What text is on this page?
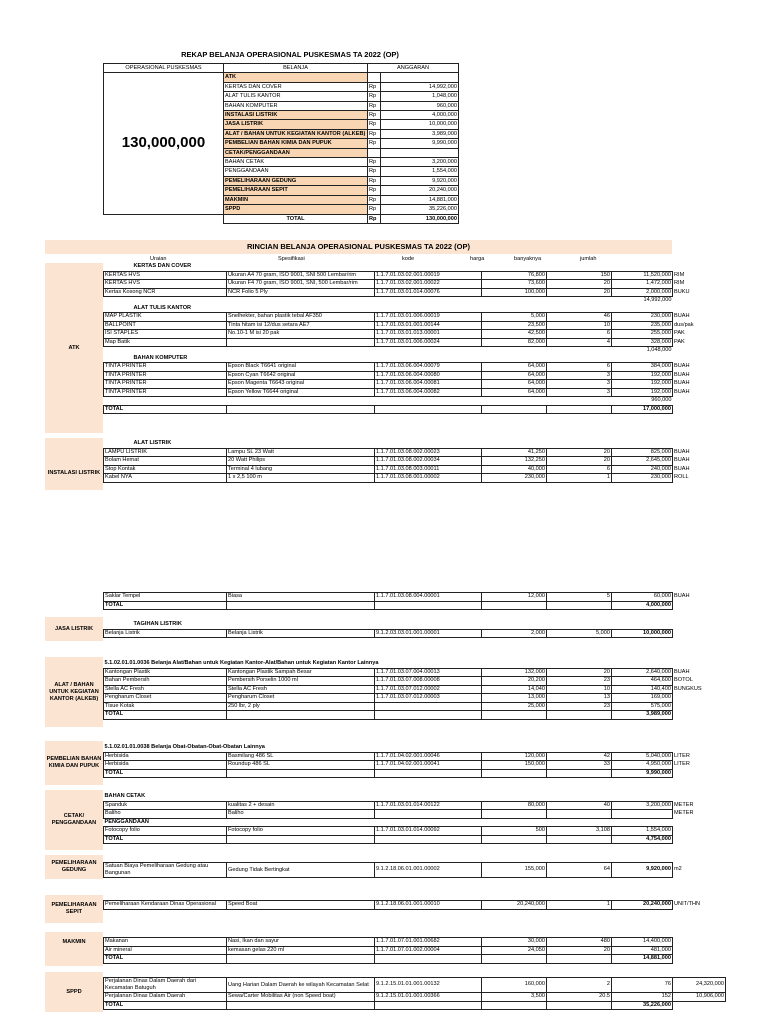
REKAP BELANJA OPERASIONAL PUSKESMAS TA 2022 (OP)
OPERASIONAL PUSKESMAS	BELANJA	ANGGARAN	
130,000,000	ATK		
	KERTAS DAN COVER	Rp	14,992,000
	ALAT TULIS KANTOR	Rp	1,048,000
	BAHAN KOMPUTER	Rp	960,000
	INSTALASI LISTRIK	Rp	4,000,000
	JASA LISTRIK	Rp	10,000,000
	ALAT / BAHAN UNTUK KEGIATAN KANTOR (ALKEB)	Rp	3,989,000
	PEMBELIAN BAHAN KIMIA DAN PUPUK	Rp	9,990,000
	CETAK/PENGGANDAAN		
	BAHAN CETAK	Rp	3,200,000
	PENGGANDAAN	Rp	1,554,000
	PEMELIHARAAN GEDUNG	Rp	9,920,000
	PEMELIHARAAN SEPIT	Rp	20,240,000
	MAKMIN	Rp	14,881,000
	SPPD	Rp	35,226,000
	TOTAL	Rp	130,000,000
RINCIAN BELANJA OPERASIONAL PUSKESMAS TA 2022 (OP)
Uraian	Spesifikasi	kode	harga	banyaknya	jumlah
ATK
INSTALASI LISTRIK
JASA LISTRIK
ALAT / BAHAN UNTUK KEGIATAN KANTOR (ALKEB)
PEMBELIAN BAHAN KIMIA DAN PUPUK
CETAK/ PENGGANDAAN
PEMELIHARAAN GEDUNG
PEMELIHARAAN SEPIT
MAKMIN
SPPD
KERTAS DAN COVER						
KERTAS HVS	Ukuran A4 70 gram, ISO 9001, SNI 500 Lembar/rim	1.1.7.01.03.02.001.00019	76,800	150	11,520,000	RIM
KERTAS HVS	Ukuran F4 70 gram, ISO 9001, SNI, 500 Lembar/rim	1.1.7.01.03.02.001.00022	73,600	20	1,472,000	RIM
Kertas Kosong NCR	NCR Folio 5 Ply	1.1.7.01.03.01.014.00076	100,000	20	2,000,000	BUKU
					14,992,000	
ALAT TULIS KANTOR						
MAP PLASTIK	Snelhekter, bahan plastik tebal AF350	1.1.7.01.03.01.006.00019	5,000	46	230,000	BUAH
BALLPOINT	Tinta hitam isi 12/dus setara AE7	1.1.7.01.03.01.001.00144	23,500	10	235,000	dus/pak
ISI STAPLES	No.10-1 M isi 20 pak	1.1.7.01.03.01.013.00001	42,500	6	255,000	PAK
Map Batik		1.1.7.01.03.01.006.00024	82,000	4	328,000	PAK
					1,048,000	
BAHAN KOMPUTER						
TINTA PRINTER	Epson Black T6641 original	1.1.7.01.03.06.004.00079	64,000	6	384,000	BUAH
TINTA PRINTER	Epson Cyan T6642 original	1.1.7.01.03.06.004.00080	64,000	3	192,000	BUAH
TINTA PRINTER	Epson Magenta T6643 original	1.1.7.01.03.06.004.00081	64,000	3	192,000	BUAH
TINTA PRINTER	Epson Yellow T6644 original	1.1.7.01.03.06.004.00082	64,000	3	192,000	BUAH
					960,000	

TOTAL					17,000,000	
ALAT LISTRIK						
LAMPU LISTRIK	Lampu SL 23 Watt	1.1.7.01.03.08.002.00023	41,250	20	825,000	BUAH
Bolam Hemat	20 Watt Philips	1.1.7.01.03.08.002.00034	132,250	20	2,645,000	BUAH
Stop Kontak	Terminal 4 lubang	1.1.7.01.03.08.003.00011	40,000	6	240,000	BUAH
Kabel NYA	1 x 2,5 100 m	1.1.7.01.03.08.001.00002	230,000	1	230,000	ROLL
Saklar Tempel	Biasa	1.1.7.01.03.08.004.00001	12,000	5	60,000	BUAH
TOTAL					4,000,000	
TAGIHAN LISTRIK
Belanja Listrik	Belanja Listrik	9.1.2.03.03.01.001.00001	2,000	5,000	10,000,000	
5.1.02.01.01.0036 Belanja Alat/Bahan untuk Kegiatan Kantor-Alat/Bahan untuk Kegiatan Kantor Lainnya						
Kantongan Plastik	Kantongan Plastik Sampah Besar	1.1.7.01.03.07.004.00013	132,000	20	2,640,000	BUAH
Bahan Pembersih	Pembersih Porselin 1000 ml	1.1.7.01.03.07.008.00008	20,200	23	464,600	BOTOL
Stella AC Fresh	Stella AC Fresh	1.1.7.01.03.07.012.00002	14,040	10	140,400	BUNGKUS
Pengharum Closet	Pengharum Closet	1.1.7.01.03.07.012.00003	13,000	13	169,000	
Tisue Kotak	250 lbr, 2 ply		25,000	23	575,000	
TOTAL					3,989,000	
5.1.02.01.01.0038 Belanja Obat-Obatan-Obat-Obatan Lainnya						
Herbisida	Basmilang 486 SL	1.1.7.01.04.02.001.00046	120,000	42	5,040,000	LITER
Herbisida	Roundup 486 SL	1.1.7.01.04.02.001.00041	150,000	33	4,950,000	LITER
TOTAL					9,990,000	
BAHAN CETAK						
Spanduk	kualitas 2 + desain	1.1.7.01.03.01.014.00122	80,000	40	3,200,000	METER
Baliho	Baliho					METER
PENGGANDAAN						
Fotocopy folio	Fotocopy folio	1.1.7.01.03.01.014.00092	500	3,108	1,554,000	
TOTAL					4,754,000	
Satuan Biaya Pemeliharaan Gedung atau Bangunan	Gedung Tidak Bertingkat	9.1.2.18.06.01.001.00002	155,000	64	9,920,000	m2
Pemeliharaan Kendaraan Dinas Operasional	Speed Boat	9.1.2.18.06.01.001.00010	20,240,000	1	20,240,000	UNIT/THN
Makanan	Nasi, Ikan dan sayur	1.1.7.01.07.01.001.00682	30,000	480	14,400,000	
Air mineral	kemasan gelas 220 ml	1.1.7.01.07.01.002.00004	24,050	20	481,000	
TOTAL					14,881,000	
Perjalanan Dinas Dalam Daerah dari Kecamatan Batuguh	Uang Harian Dalam Daerah ke wilayah Kecamatan Selat	9.1.2.15.01.01.001.00132	160,000	2	76	24,320,000
Perjalanan Dinas Dalam Daerah	Sewa/Carter Mobilitas Air (non Speed boat)	9.1.2.15.01.01.001.00366	3,500	20.5	152	10,906,000
TOTAL					35,226,000	
